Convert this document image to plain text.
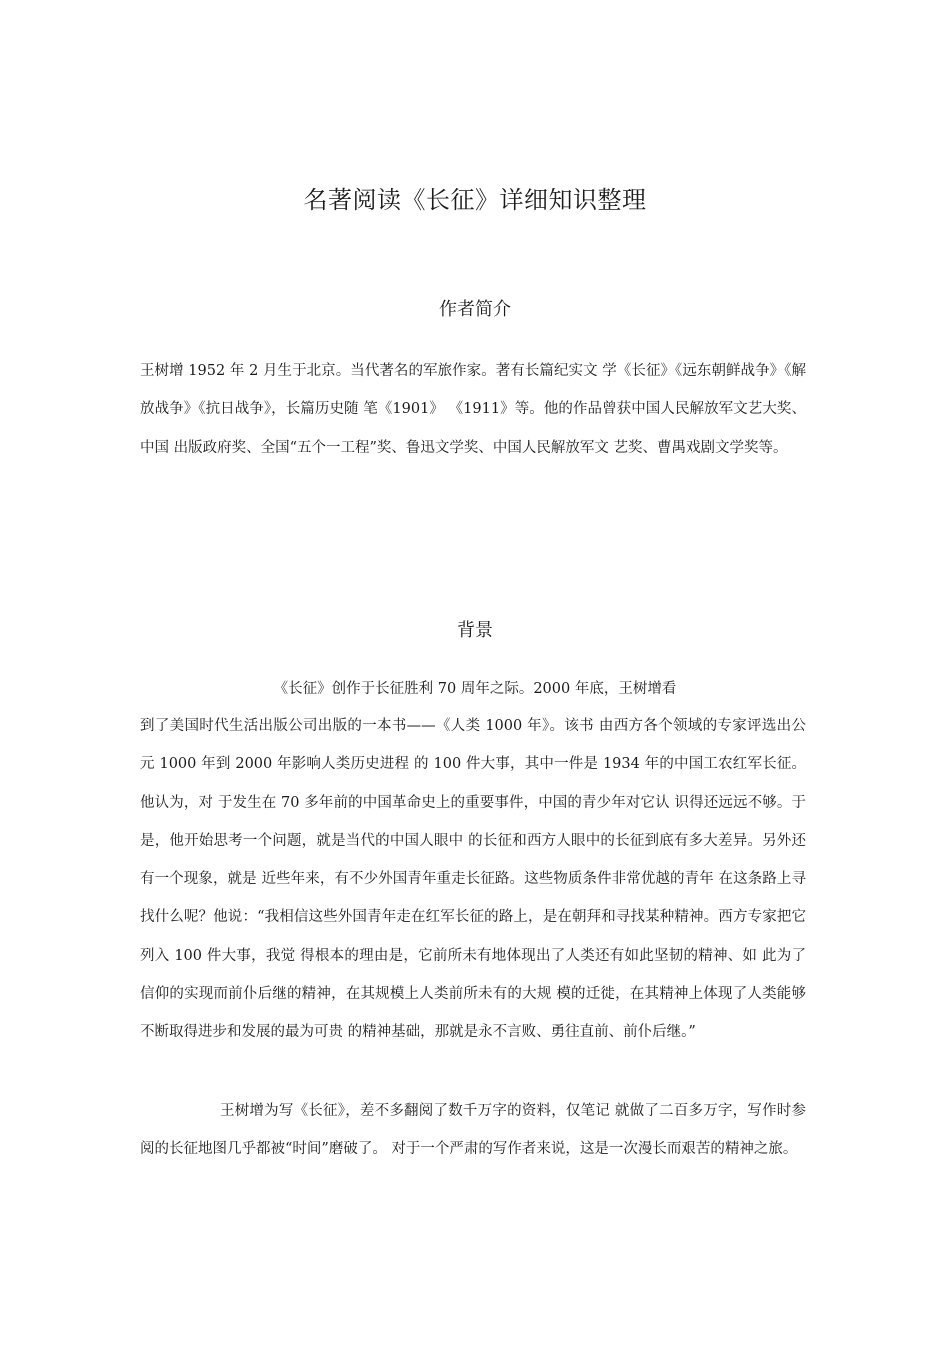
名著阅读《长征》详细知识整理
作者简介

王树增 1952 年 2 月生于北京。当代著名的军旅作家。著有长篇纪实文 学《长征》《远东朝鲜战争》《解放战争》《抗日战争》，长篇历史随 笔《1901》 《1911》等。他的作品曾获中国人民解放军文艺大奖、中国 出版政府奖、全国“五个一工程”奖、鲁迅文学奖、中国人民解放军文 艺奖、曹禺戏剧文学奖等。

背景

《长征》创作于长征胜利 70 周年之际。2000 年底，王树增看

到了美国时代生活出版公司出版的一本书——《人类 1000 年》。该书 由西方各个领域的专家评选出公元 1000 年到 2000 年影响人类历史进程 的 100 件大事，其中一件是 1934 年的中国工农红军长征。他认为，对 于发生在 70 多年前的中国革命史上的重要事件，中国的青少年对它认 识得还远远不够。于是，他开始思考一个问题，就是当代的中国人眼中 的长征和西方人眼中的长征到底有多大差异。另外还有一个现象，就是 近些年来，有不少外国青年重走长征路。这些物质条件非常优越的青年 在这条路上寻找什么呢？他说：“我相信这些外国青年走在红军长征的路上，是在朝拜和寻找某种精神。西方专家把它列入 100 件大事，我觉 得根本的理由是，它前所未有地体现出了人类还有如此坚韧的精神、如 此为了信仰的实现而前仆后继的精神，在其规模上人类前所未有的大规 模的迁徙，在其精神上体现了人类能够不断取得进步和发展的最为可贵 的精神基础，那就是永不言败、勇往直前、前仆后继。”

王树增为写《长征》，差不多翻阅了数千万字的资料，仅笔记 就做了二百多万字，写作时参阅的长征地图几乎都被“时间”磨破了。 对于一个严肃的写作者来说，这是一次漫长而艰苦的精神之旅。
